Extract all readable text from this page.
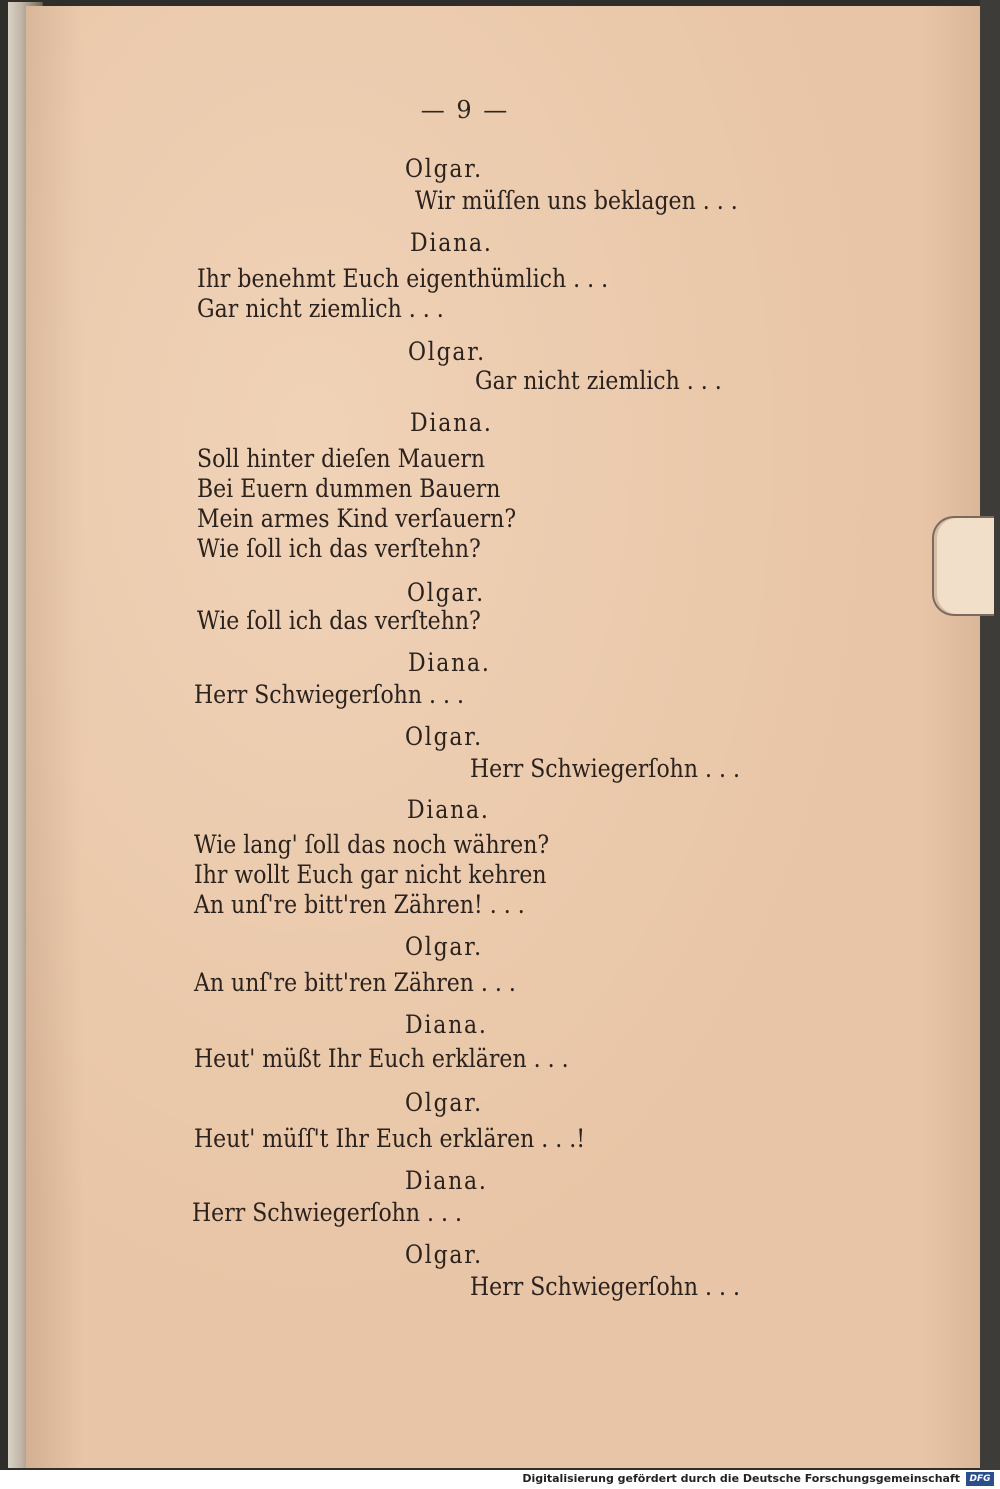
— 9 —
Olgar.
Wir müſſen uns beklagen . . .
Diana.
Ihr benehmt Euch eigenthümlich . . .
Gar nicht ziemlich . . .
Olgar.
Gar nicht ziemlich . . .
Diana.
Soll hinter dieſen Mauern
Bei Euern dummen Bauern
Mein armes Kind verſauern?
Wie ſoll ich das verſtehn?
Olgar.
Wie ſoll ich das verſtehn?
Diana.
Herr Schwiegerſohn . . .
Olgar.
Herr Schwiegerſohn . . .
Diana.
Wie lang' ſoll das noch währen?
Ihr wollt Euch gar nicht kehren
An unſ're bitt'ren Zähren! . . .
Olgar.
An unſ're bitt'ren Zähren . . .
Diana.
Heut' müßt Ihr Euch erklären . . .
Olgar.
Heut' müſſ't Ihr Euch erklären . . .!
Diana.
Herr Schwiegerſohn . . .
Olgar.
Herr Schwiegerſohn . . .
Digitalisierung gefördert durch die Deutsche Forschungsgemeinschaft	DFG
